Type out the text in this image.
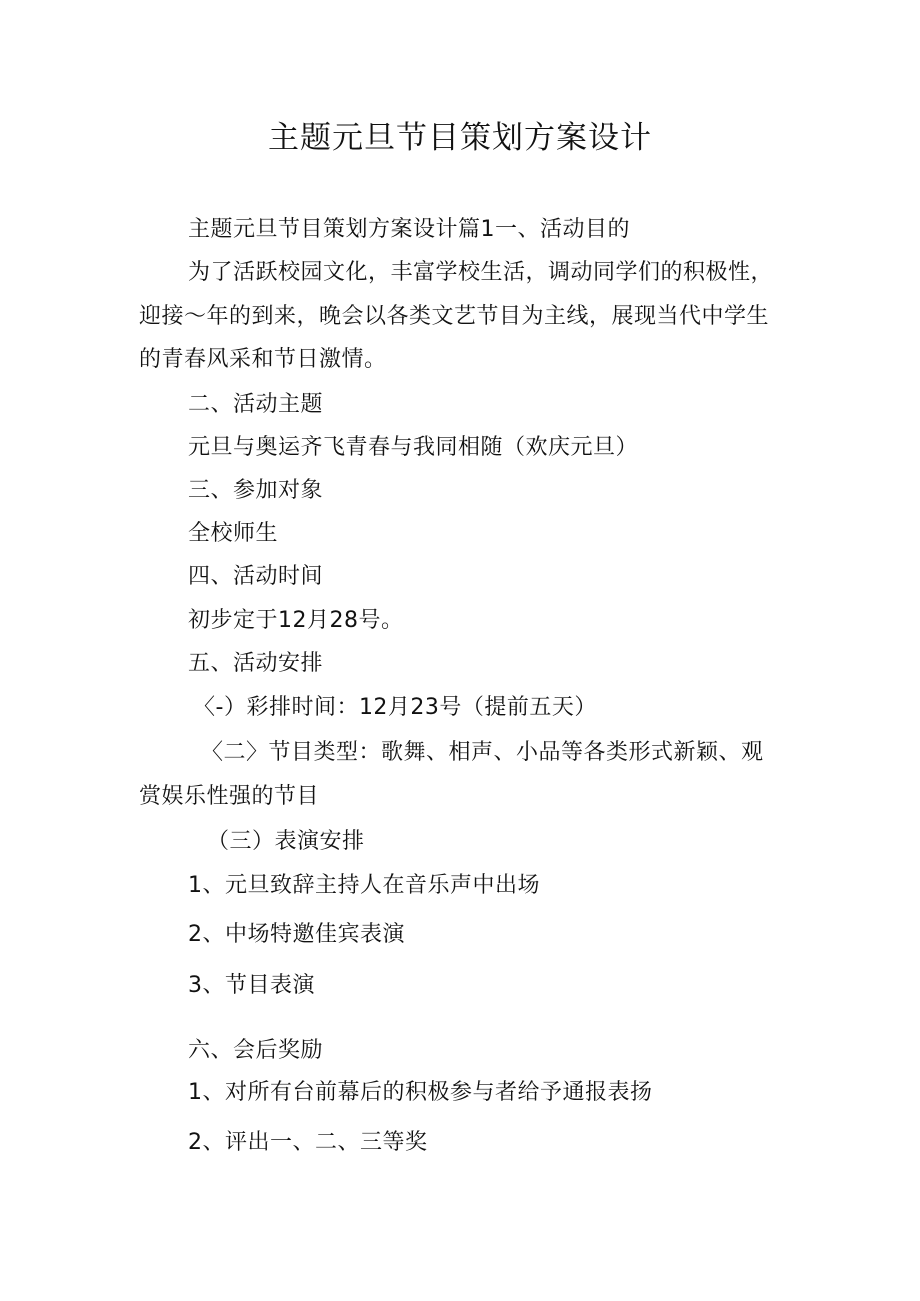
主题元旦节目策划方案设计
主题元旦节目策划方案设计篇1一、活动目的
为了活跃校园文化，丰富学校生活，调动同学们的积极性，
迎接～年的到来，晚会以各类文艺节目为主线，展现当代中学生
的青春风采和节日激情。
二、活动主题
元旦与奥运齐飞青春与我同相随（欢庆元旦）
三、参加对象
全校师生
四、活动时间
初步定于12月28号。
五、活动安排
〈-）彩排时间：12月23号（提前五天）
〈二〉节目类型：歌舞、相声、小品等各类形式新颖、观
赏娱乐性强的节目
（三）表演安排
1、元旦致辞主持人在音乐声中出场
2、中场特邀佳宾表演
3、节目表演
六、会后奖励
1、对所有台前幕后的积极参与者给予通报表扬
2、评出一、二、三等奖
